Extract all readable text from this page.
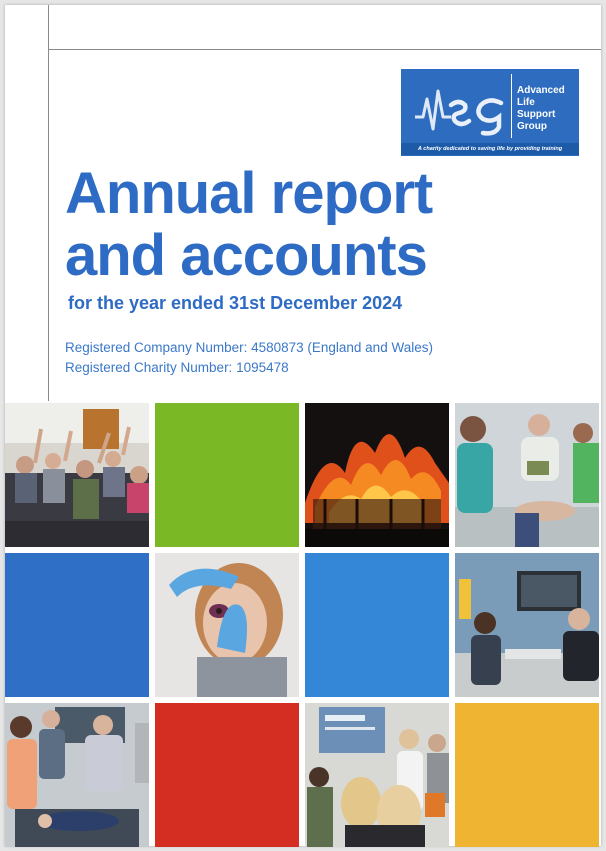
Advanced
Life
Support
Group
A charity dedicated to saving life by providing training
Annual report
and accounts
for the year ended 31st December 2024
Registered Company Number: 4580873 (England and Wales)
Registered Charity Number: 1095478
